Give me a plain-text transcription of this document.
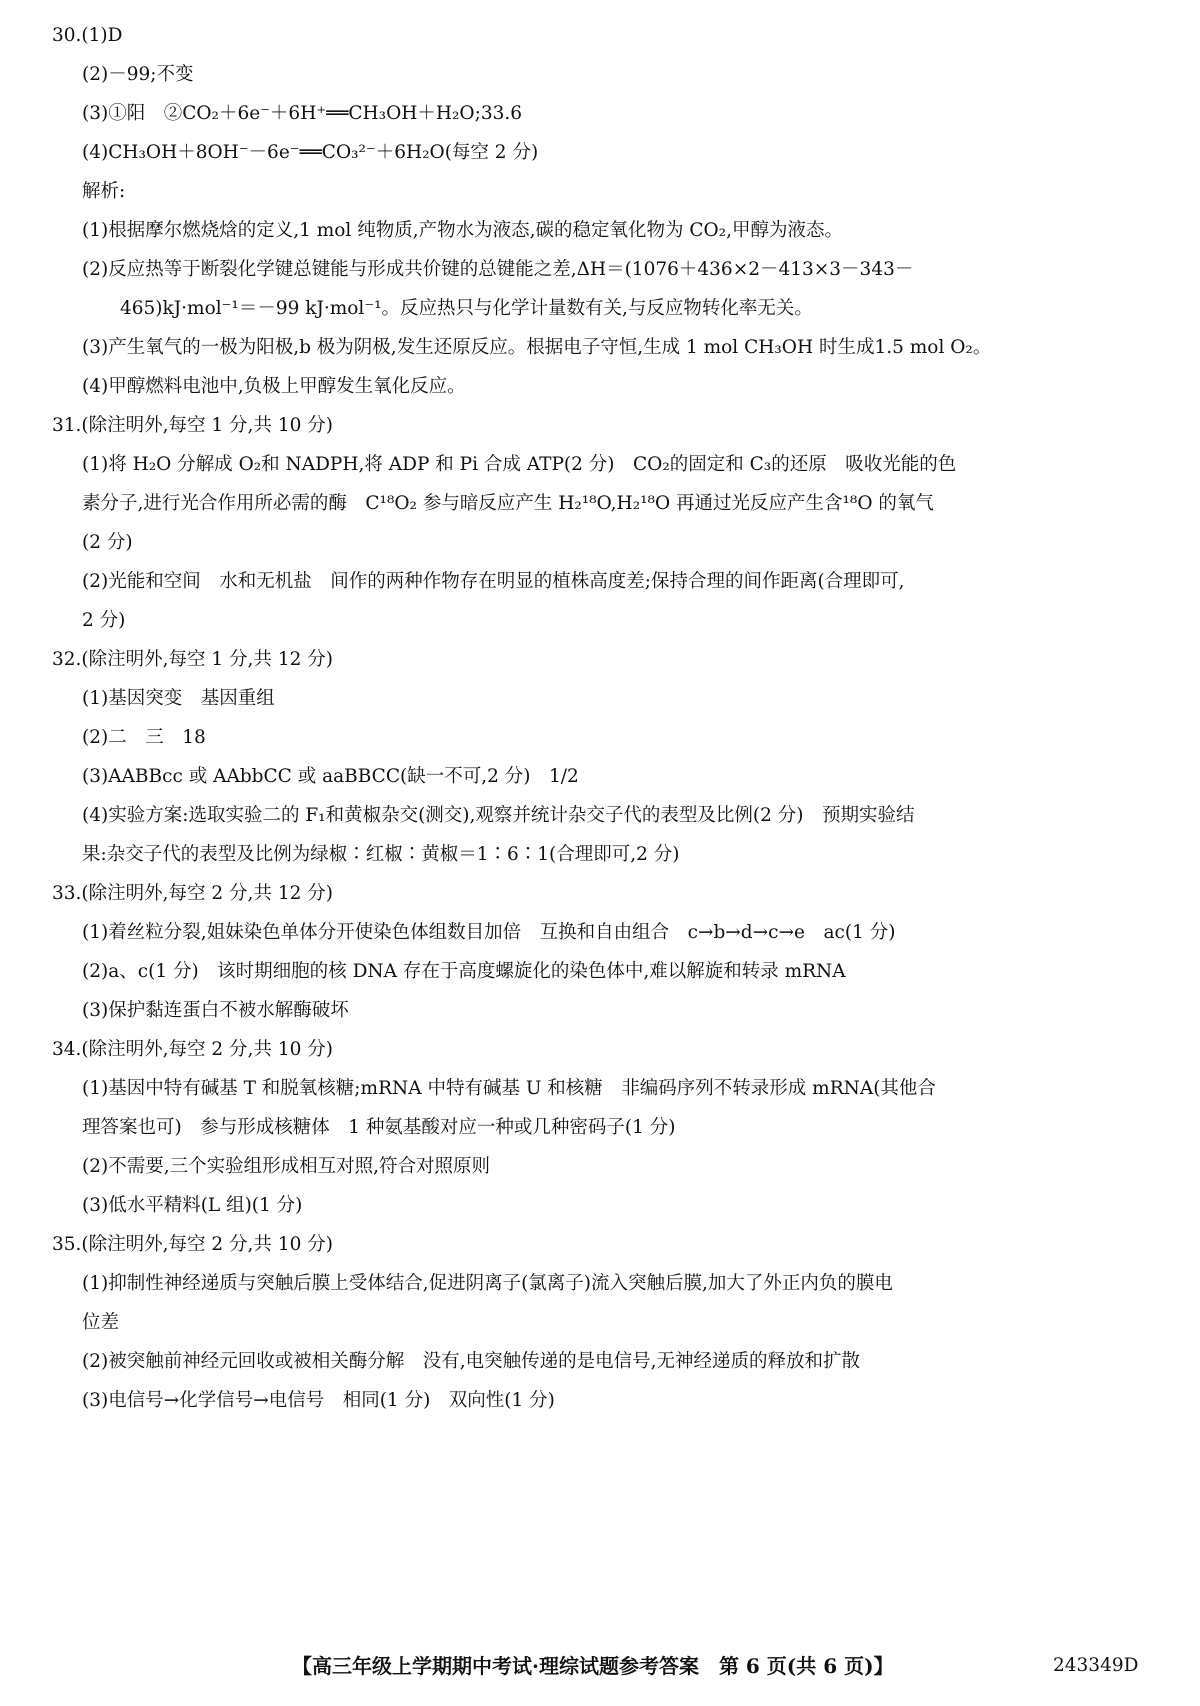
30.(1)D
(2)－99;不变
(3)①阳　②CO₂＋6e⁻＋6H⁺══CH₃OH＋H₂O;33.6
(4)CH₃OH＋8OH⁻－6e⁻══CO₃²⁻＋6H₂O(每空 2 分)
解析:
(1)根据摩尔燃烧焓的定义,1 mol 纯物质,产物水为液态,碳的稳定氧化物为 CO₂,甲醇为液态。
(2)反应热等于断裂化学键总键能与形成共价键的总键能之差,ΔH＝(1076＋436×2－413×3－343－
465)kJ·mol⁻¹＝－99 kJ·mol⁻¹。反应热只与化学计量数有关,与反应物转化率无关。
(3)产生氧气的一极为阳极,b 极为阴极,发生还原反应。根据电子守恒,生成 1 mol CH₃OH 时生成1.5 mol O₂。
(4)甲醇燃料电池中,负极上甲醇发生氧化反应。
31.(除注明外,每空 1 分,共 10 分)
(1)将 H₂O 分解成 O₂和 NADPH,将 ADP 和 Pi 合成 ATP(2 分)　CO₂的固定和 C₃的还原　吸收光能的色
素分子,进行光合作用所必需的酶　C¹⁸O₂ 参与暗反应产生 H₂¹⁸O,H₂¹⁸O 再通过光反应产生含¹⁸O 的氧气
(2 分)
(2)光能和空间　水和无机盐　间作的两种作物存在明显的植株高度差;保持合理的间作距离(合理即可,
2 分)
32.(除注明外,每空 1 分,共 12 分)
(1)基因突变　基因重组
(2)二　三　18
(3)AABBcc 或 AAbbCC 或 aaBBCC(缺一不可,2 分)　1/2
(4)实验方案:选取实验二的 F₁和黄椒杂交(测交),观察并统计杂交子代的表型及比例(2 分)　预期实验结
果:杂交子代的表型及比例为绿椒∶红椒∶黄椒＝1∶6∶1(合理即可,2 分)
33.(除注明外,每空 2 分,共 12 分)
(1)着丝粒分裂,姐妹染色单体分开使染色体组数目加倍　互换和自由组合　c→b→d→c→e　ac(1 分)
(2)a、c(1 分)　该时期细胞的核 DNA 存在于高度螺旋化的染色体中,难以解旋和转录 mRNA
(3)保护黏连蛋白不被水解酶破坏
34.(除注明外,每空 2 分,共 10 分)
(1)基因中特有碱基 T 和脱氧核糖;mRNA 中特有碱基 U 和核糖　非编码序列不转录形成 mRNA(其他合
理答案也可)　参与形成核糖体　1 种氨基酸对应一种或几种密码子(1 分)
(2)不需要,三个实验组形成相互对照,符合对照原则
(3)低水平精料(L 组)(1 分)
35.(除注明外,每空 2 分,共 10 分)
(1)抑制性神经递质与突触后膜上受体结合,促进阴离子(氯离子)流入突触后膜,加大了外正内负的膜电
位差
(2)被突触前神经元回收或被相关酶分解　没有,电突触传递的是电信号,无神经递质的释放和扩散
(3)电信号→化学信号→电信号　相同(1 分)　双向性(1 分)
【高三年级上学期期中考试·理综试题参考答案　第 6 页(共 6 页)】	243349D
